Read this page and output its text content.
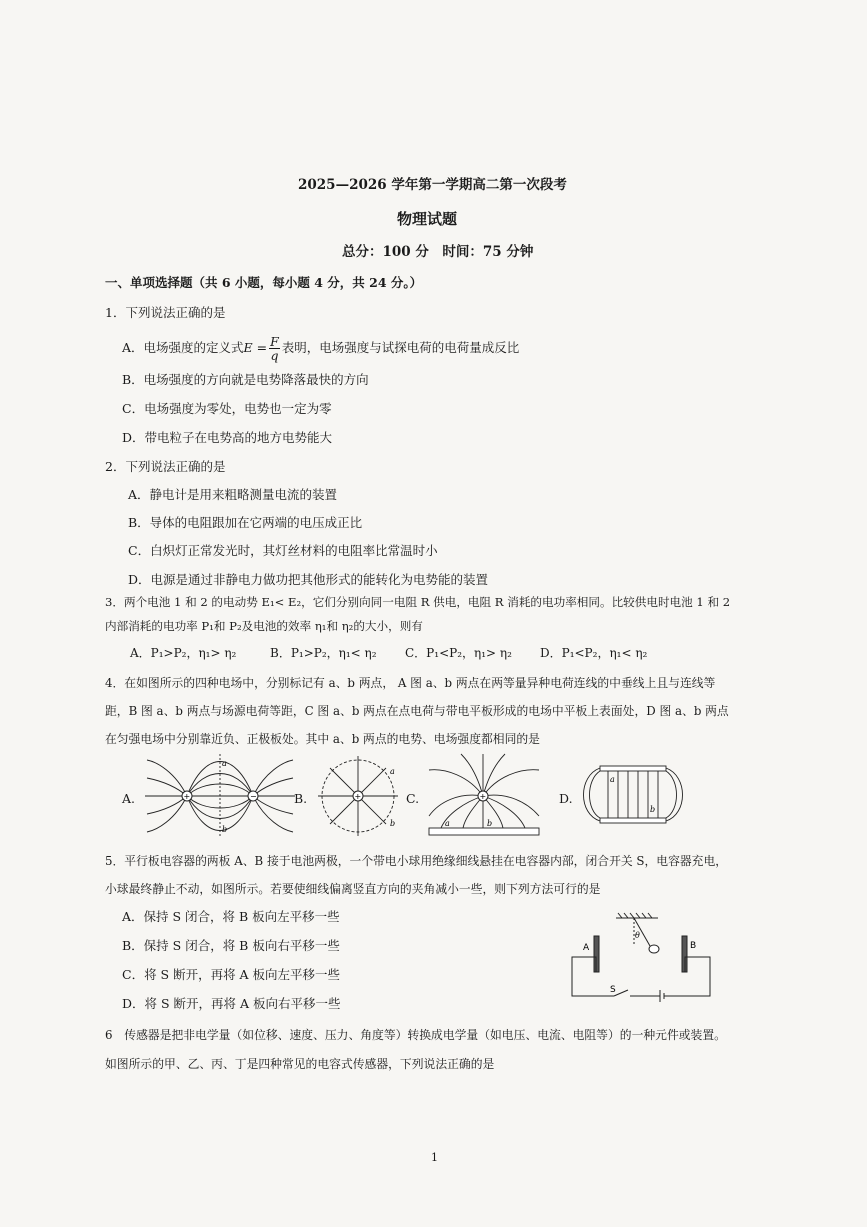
2025—2026 学年第一学期高二第一次段考
物理试题
总分：100 分　时间：75 分钟
一、单项选择题（共 6 小题，每小题 4 分，共 24 分。）
1．下列说法正确的是
A．电场强度的定义式$E = \frac{F}{q}$ 表明，电场强度与试探电荷的电荷量成反比
B．电场强度的方向就是电势降落最快的方向
C．电场强度为零处，电势也一定为零
D．带电粒子在电势高的地方电势能大
2．下列说法正确的是
A．静电计是用来粗略测量电流的装置
B．导体的电阻跟加在它两端的电压成正比
C．白炽灯正常发光时，其灯丝材料的电阻率比常温时小
D．电源是通过非静电力做功把其他形式的能转化为电势能的装置
3．两个电池 1 和 2 的电动势 E₁< E₂，它们分别向同一电阻 R 供电，电阻 R 消耗的电功率相同。比较供电时电池 1 和 2
内部消耗的电功率 P₁和 P₂及电池的效率 η₁和 η₂的大小，则有
A．P₁>P₂，η₁> η₂	B．P₁>P₂，η₁< η₂ C．P₁<P₂，η₁> η₂ D．P₁<P₂，η₁< η₂
4．在如图所示的四种电场中，分别标记有 a、b 两点， A 图 a、b 两点在两等量异种电荷连线的中垂线上且与连线等
距，B 图 a、b 两点与场源电荷等距，C 图 a、b 两点在点电荷与带电平板形成的电场中平板上表面处，D 图 a、b 两点
在匀强电场中分别靠近负、正极板处。其中 a、b 两点的电势、电场强度都相同的是
A.	+	−
a
b
B.	+
a
b
C.	+
a	b
D.
a
b
5．平行板电容器的两板 A、B 接于电池两极，一个带电小球用绝缘细线悬挂在电容器内部，闭合开关 S，电容器充电，
小球最终静止不动，如图所示。若要使细线偏离竖直方向的夹角减小一些，则下列方法可行的是
A．保持 S 闭合，将 B 板向左平移一些
B．保持 S 闭合，将 B 板向右平移一些
C．将 S 断开，再将 A 板向左平移一些
D．将 S 断开，再将 A 板向右平移一些
A	B
S
θ
6　传感器是把非电学量（如位移、速度、压力、角度等）转换成电学量（如电压、电流、电阻等）的一种元件或装置。
如图所示的甲、乙、丙、丁是四种常见的电容式传感器，下列说法正确的是
1
